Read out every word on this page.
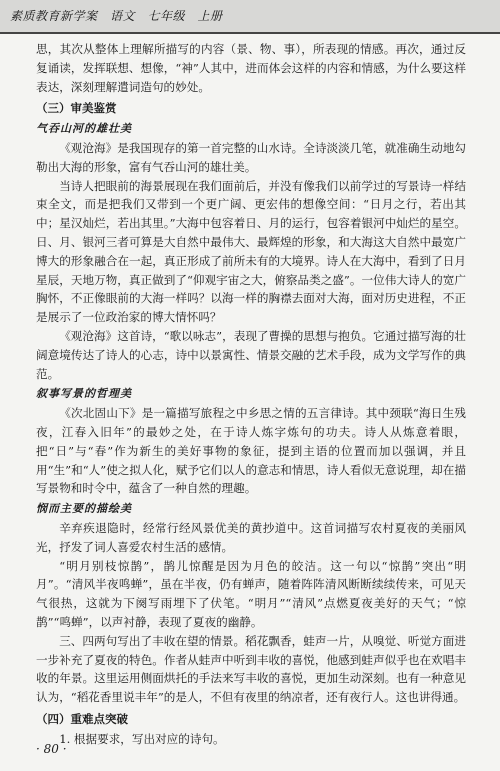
素质教育新学案　语文　七年级　上册

思，其次从整体上理解所描写的内容（景、物、事），所表现的情感。再次，通过反复诵读，发挥联想、想像，“神”人其中，进而体会这样的内容和情感，为什么要这样表达，深刻理解遣词造句的妙处。

（三）审美鉴赏

气吞山河的雄壮美

《观沧海》是我国现存的第一首完整的山水诗。全诗淡淡几笔，就准确生动地勾勒出大海的形象，富有气吞山河的雄壮美。

当诗人把眼前的海景展现在我们面前后，并没有像我们以前学过的写景诗一样结束全文，而是把我们又带到一个更广阔、更宏伟的想像空间：“日月之行，若出其中；星汉灿烂，若出其里。”大海中包容着日、月的运行，包容着银河中灿烂的星空。日、月、银河三者可算是大自然中最伟大、最辉煌的形象，和大海这大自然中最宽广博大的形象融合在一起，真正形成了前所未有的大境界。诗人在大海中，看到了日月星辰，天地万物，真正做到了“仰观宇宙之大，俯察品类之盛”。一位伟大诗人的宽广胸怀，不正像眼前的大海一样吗？以海一样的胸襟去面对大海，面对历史进程，不正是展示了一位政治家的博大情怀吗？

《观沧海》这首诗，“歌以咏志”，表现了曹操的思想与抱负。它通过描写海的壮阔意境传达了诗人的心志，诗中以景寓性、情景交融的艺术手段，成为文学写作的典范。

叙事写景的哲理美

《次北固山下》是一篇描写旅程之中乡思之情的五言律诗。其中颈联“海日生残夜，江春入旧年”的最妙之处，在于诗人炼字炼句的功夫。诗人从炼意着眼，把“日”与“春”作为新生的美好事物的象征，提到主语的位置而加以强调，并且用“生”和“人”使之拟人化，赋予它们以人的意志和情思，诗人看似无意说理，却在描写景物和时令中，蕴含了一种自然的理趣。

悯而主要的描绘美

辛弃疾退隐时，经常行经风景优美的黄抄道中。这首词描写农村夏夜的美丽风光，抒发了词人喜爱农村生活的感情。

“明月别枝惊鹊”，鹊儿惊醒是因为月色的皎洁。这一句以“惊鹊”突出“明月”。“清风半夜鸣蝉”，虽在半夜，仍有蝉声，随着阵阵清风断断续续传来，可见天气很热，这就为下阕写雨埋下了伏笔。“明月”“清风”点燃夏夜美好的天气；“惊鹊”“鸣蝉”，以声衬静，表现了夏夜的幽静。

三、四两句写出了丰收在望的情景。稻花飘香，蛙声一片，从嗅觉、听觉方面进一步补充了夏夜的特色。作者从蛙声中听到丰收的喜悦，他感到蛙声似乎也在欢唱丰收的年景。这里运用侧面烘托的手法来写丰收的喜悦，更加生动深刻。也有一种意见认为，“稻花香里说丰年”的是人，不但有夜里的纳凉者，还有夜行人。这也讲得通。

（四）重难点突破

1. 根据要求，写出对应的诗句。

· 80 ·
